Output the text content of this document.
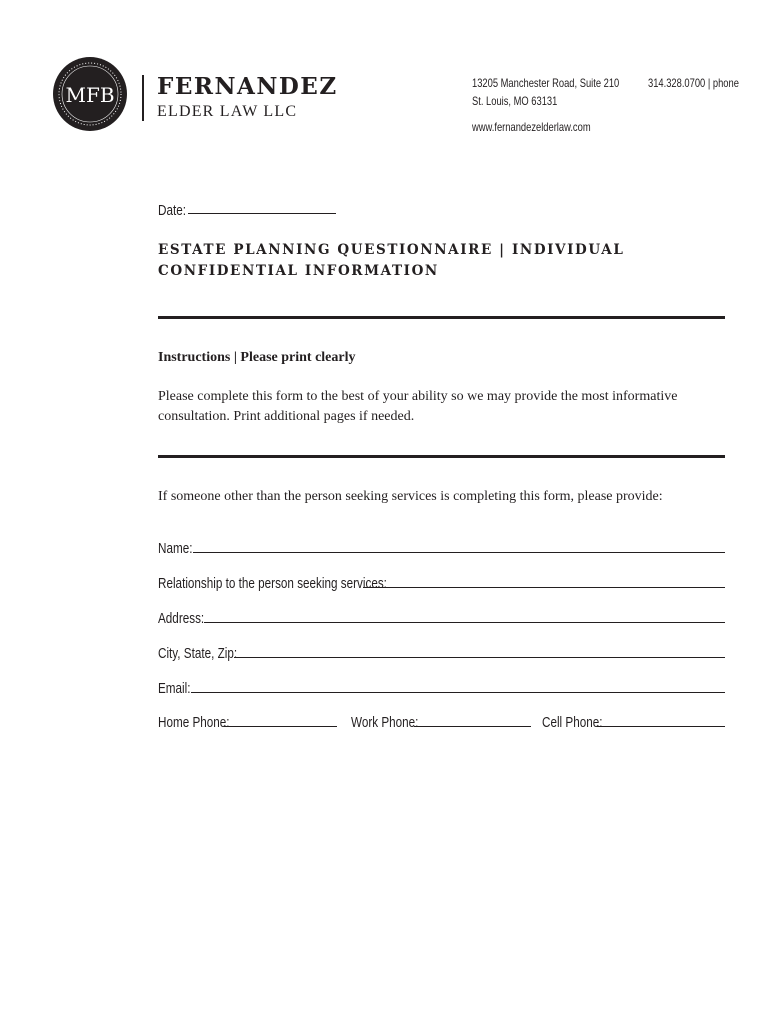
MFB FERNANDEZ
ELDER LAW LLC
13205 Manchester Road, Suite 210
St. Louis, MO 63131
www.fernandezelderlaw.com
314.328.0700 | phone
Date:
ESTATE PLANNING QUESTIONNAIRE | INDIVIDUAL
CONFIDENTIAL INFORMATION
Instructions | Please print clearly
Please complete this form to the best of your ability so we may provide the most informative consultation. Print additional pages if needed.
If someone other than the person seeking services is completing this form, please provide:
Name:
Relationship to the person seeking services:
Address:
City, State, Zip:
Email:
Home Phone:	Work Phone:	Cell Phone:
